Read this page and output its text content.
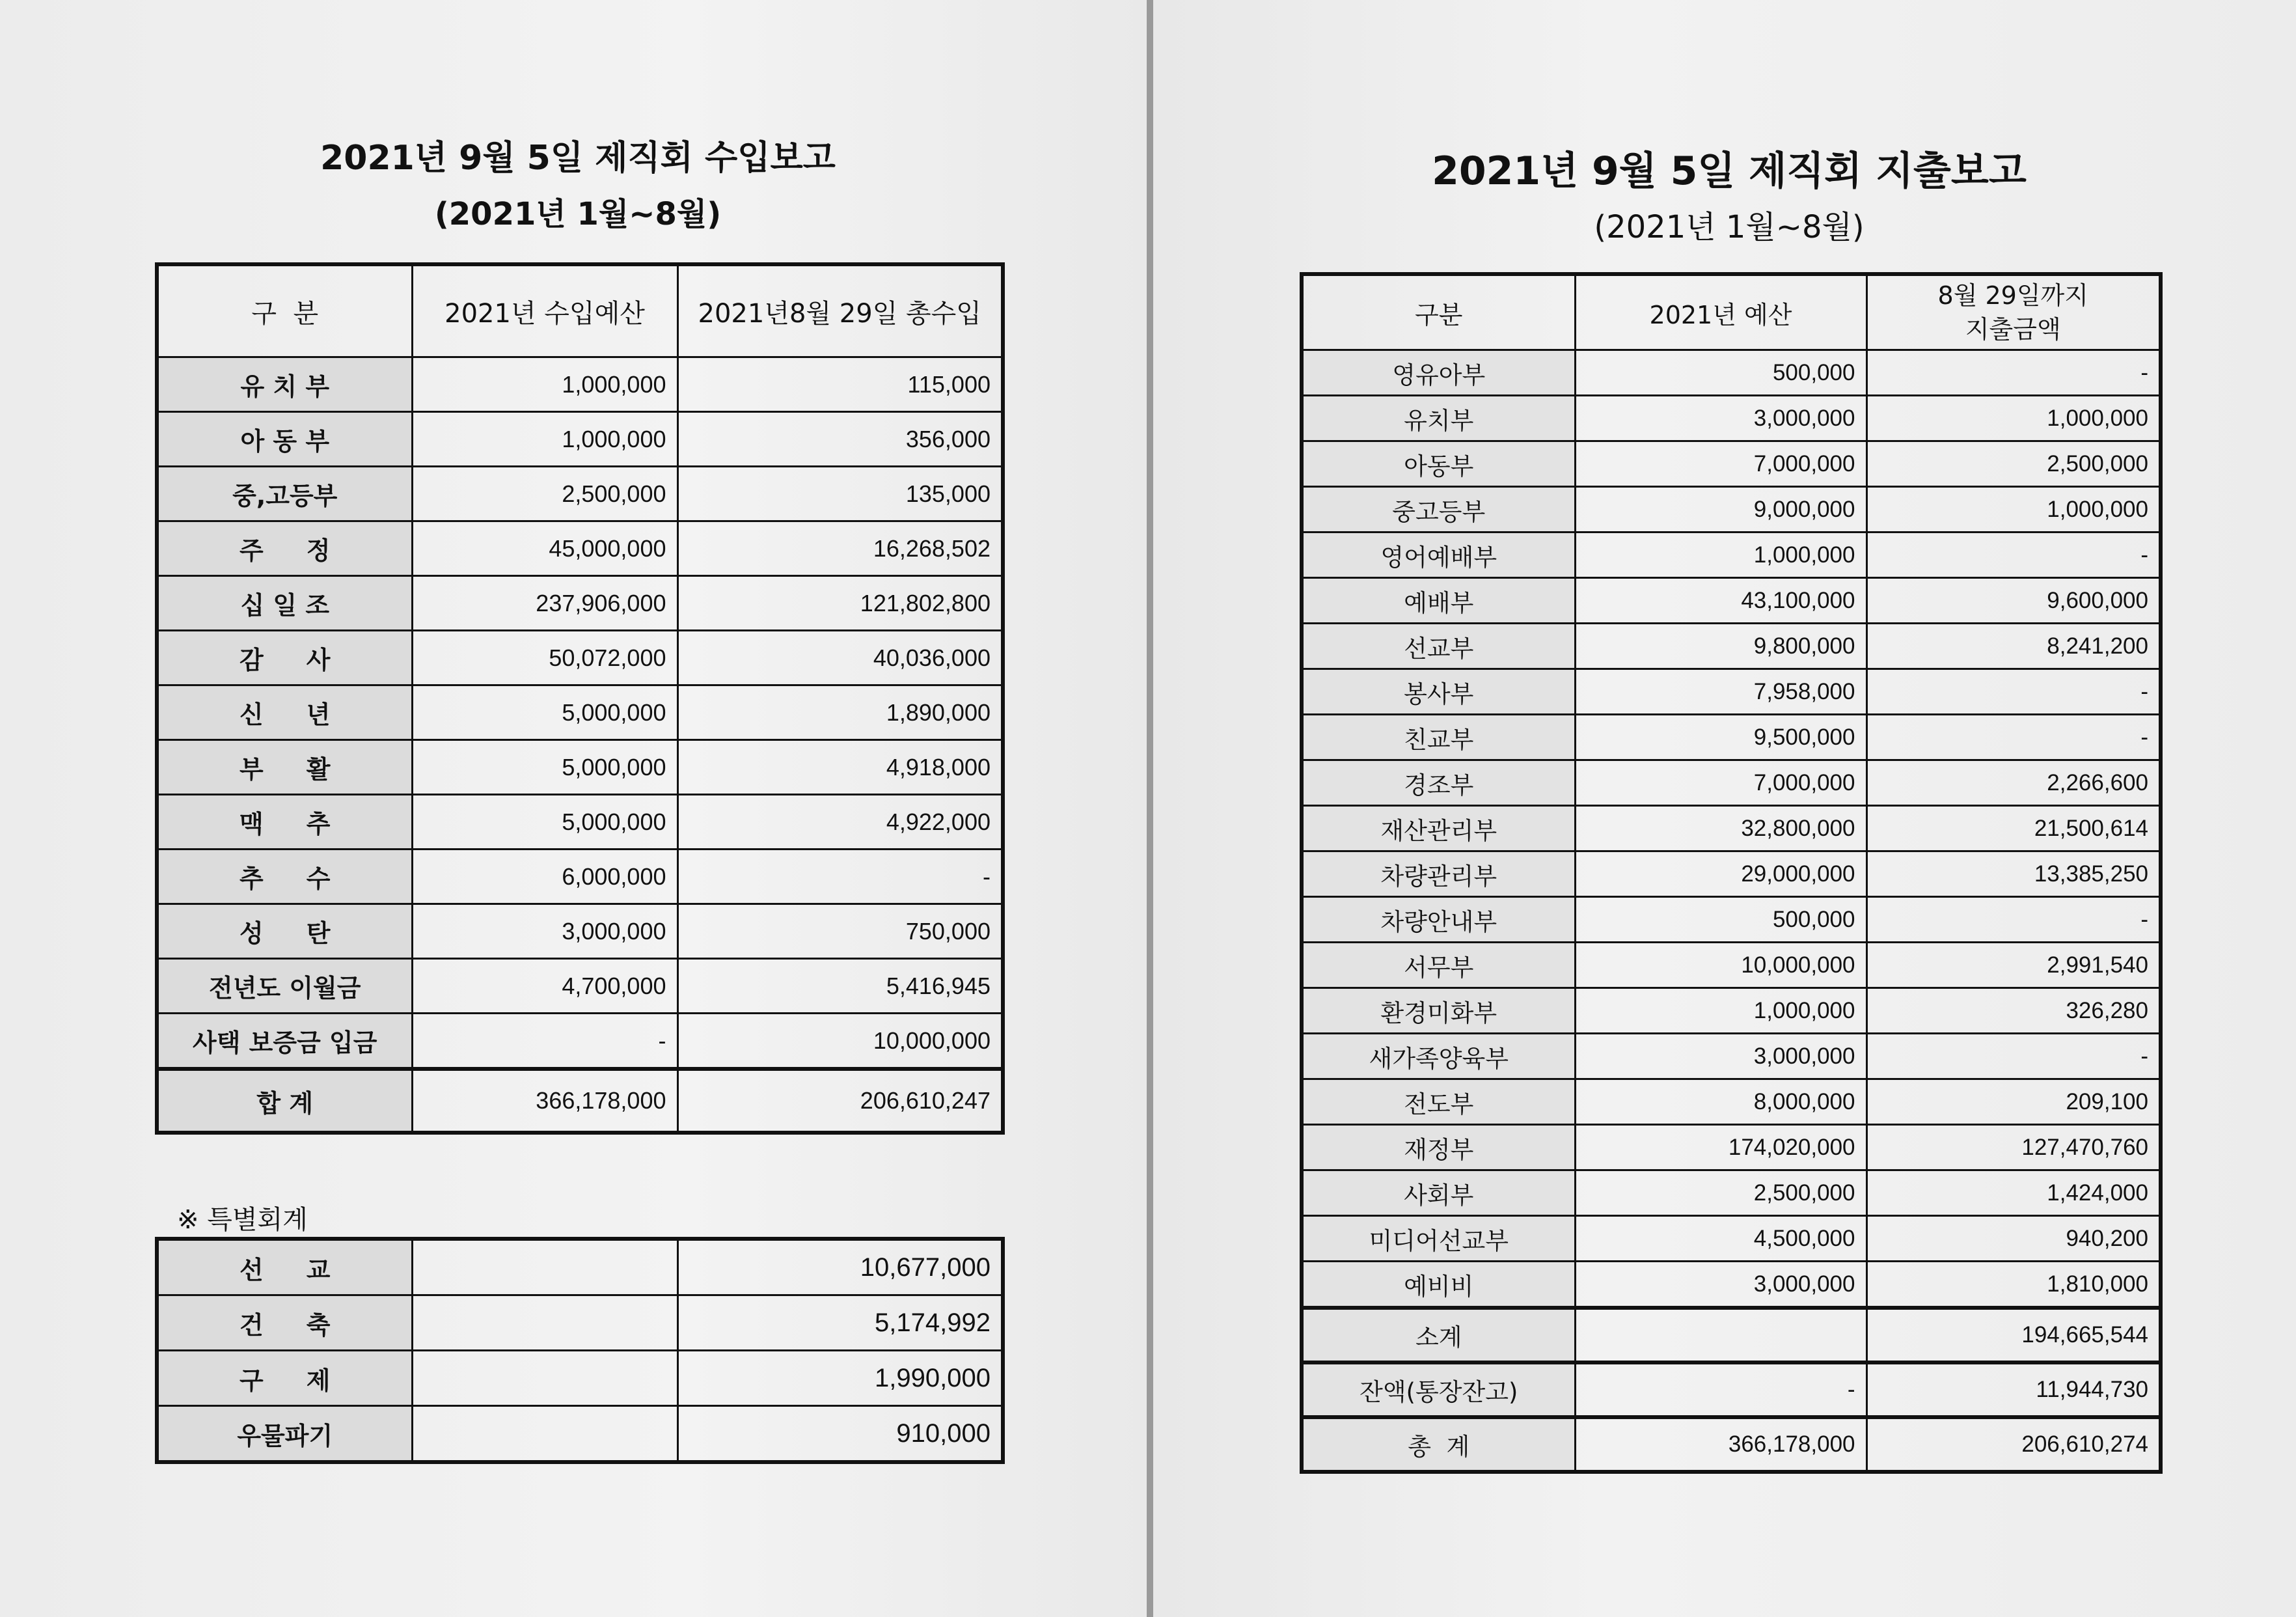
2021년 9월 5일 제직회 수입보고
(2021년 1월~8월)
구  분	2021년 수입예산	2021년8월 29일 총수입
유 치 부	1,000,000	115,000
아 동 부	1,000,000	356,000
중,고등부	2,500,000	135,000
주     정	45,000,000	16,268,502
십 일 조	237,906,000	121,802,800
감     사	50,072,000	40,036,000
신     년	5,000,000	1,890,000
부     활	5,000,000	4,918,000
맥     추	5,000,000	4,922,000
추     수	6,000,000	-
성     탄	3,000,000	750,000
전년도 이월금	4,700,000	5,416,945
사택 보증금 입금	-	10,000,000
합 계	366,178,000	206,610,247
※ 특별회계
선     교		10,677,000
건     축		5,174,992
구     제		1,990,000
우물파기		910,000
2021년 9월 5일 제직회 지출보고
(2021년 1월~8월)
구분	2021년 예산	8월 29일까지
지출금액

영유아부	500,000	-
유치부	3,000,000	1,000,000
아동부	7,000,000	2,500,000
중고등부	9,000,000	1,000,000
영어예배부	1,000,000	-
예배부	43,100,000	9,600,000
선교부	9,800,000	8,241,200
봉사부	7,958,000	-
친교부	9,500,000	-
경조부	7,000,000	2,266,600
재산관리부	32,800,000	21,500,614
차량관리부	29,000,000	13,385,250
차량안내부	500,000	-
서무부	10,000,000	2,991,540
환경미화부	1,000,000	326,280
새가족양육부	3,000,000	-
전도부	8,000,000	209,100
재정부	174,020,000	127,470,760
사회부	2,500,000	1,424,000
미디어선교부	4,500,000	940,200
예비비	3,000,000	1,810,000
소계		194,665,544
잔액(통장잔고)	-	11,944,730
총  계	366,178,000	206,610,274
